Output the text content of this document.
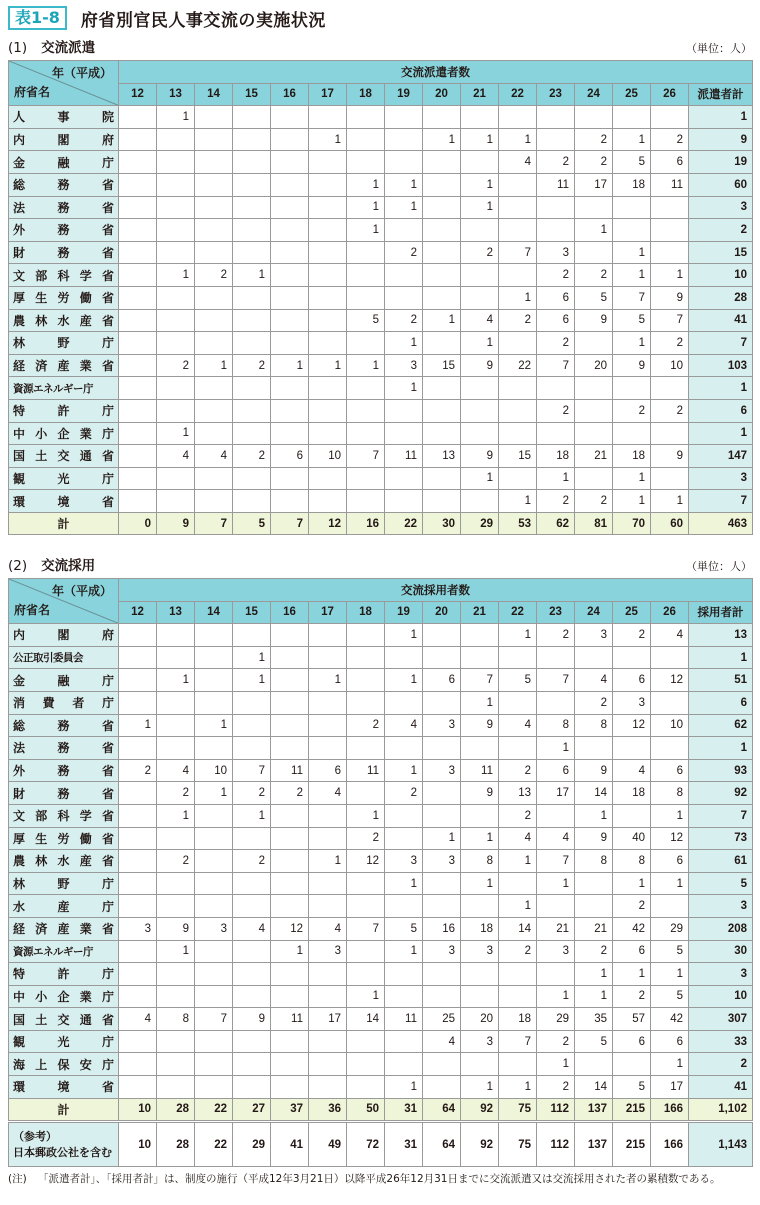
表1-8	府省別官民人事交流の実施状況
(1) 交流派遣	（単位：人）
年（平成）
府省名	交流派遣者数															
	12	13	14	15	16	17	18	19	20	21	22	23	24	25	26	派遣者計

人 事 院		1														1

内 閣 府						1			1	1	1		2	1	2	9

金 融 庁											4	2	2	5	6	19

総 務 省							1	1		1		11	17	18	11	60

法 務 省							1	1		1						3

外 務 省							1						1			2

財 務 省								2		2	7	3		1		15

文 部 科 学 省		1	2	1								2	2	1	1	10

厚 生 労 働 省											1	6	5	7	9	28

農 林 水 産 省							5	2	1	4	2	6	9	5	7	41

林 野 庁								1		1		2		1	2	7

経 済 産 業 省		2	1	2	1	1	1	3	15	9	22	7	20	9	10	103
資源エネルギー庁								1								1

特 許 庁												2		2	2	6

中 小 企 業 庁		1														1

国 土 交 通 省		4	4	2	6	10	7	11	13	9	15	18	21	18	9	147

観 光 庁										1		1		1		3

環 境 省											1	2	2	1	1	7
計	0	9	7	5	7	12	16	22	30	29	53	62	81	70	60	463
(2) 交流採用	（単位：人）
年（平成）
府省名	交流採用者数															
	12	13	14	15	16	17	18	19	20	21	22	23	24	25	26	採用者計

内 閣 府								1			1	2	3	2	4	13
公正取引委員会				1												1

金 融 庁		1		1		1		1	6	7	5	7	4	6	12	51

消 費 者 庁										1			2	3		6

総 務 省	1		1				2	4	3	9	4	8	8	12	10	62

法 務 省												1				1

外 務 省	2	4	10	7	11	6	11	1	3	11	2	6	9	4	6	93

財 務 省		2	1	2	2	4		2		9	13	17	14	18	8	92

文 部 科 学 省		1		1			1				2		1		1	7

厚 生 労 働 省							2		1	1	4	4	9	40	12	73

農 林 水 産 省		2		2		1	12	3	3	8	1	7	8	8	6	61

林 野 庁								1		1		1		1	1	5

水 産 庁											1			2		3

経 済 産 業 省	3	9	3	4	12	4	7	5	16	18	14	21	21	42	29	208
資源エネルギー庁		1			1	3		1	3	3	2	3	2	6	5	30

特 許 庁													1	1	1	3

中 小 企 業 庁							1					1	1	2	5	10

国 土 交 通 省	4	8	7	9	11	17	14	11	25	20	18	29	35	57	42	307

観 光 庁									4	3	7	2	5	6	6	33

海 上 保 安 庁												1			1	2

環 境 省								1		1	1	2	14	5	17	41
計	10	28	22	27	37	36	50	31	64	92	75	112	137	215	166	1,102
（参考）
日本郵政公社を含む
	10	28	22	29	41	49	72	31	64	92	75	112	137	215	166	1,143
(注)	「派遣者計」、「採用者計」は、制度の施行（平成12年3月21日）以降平成26年12月31日までに交流派遣又は交流採用された者の累積数である。
